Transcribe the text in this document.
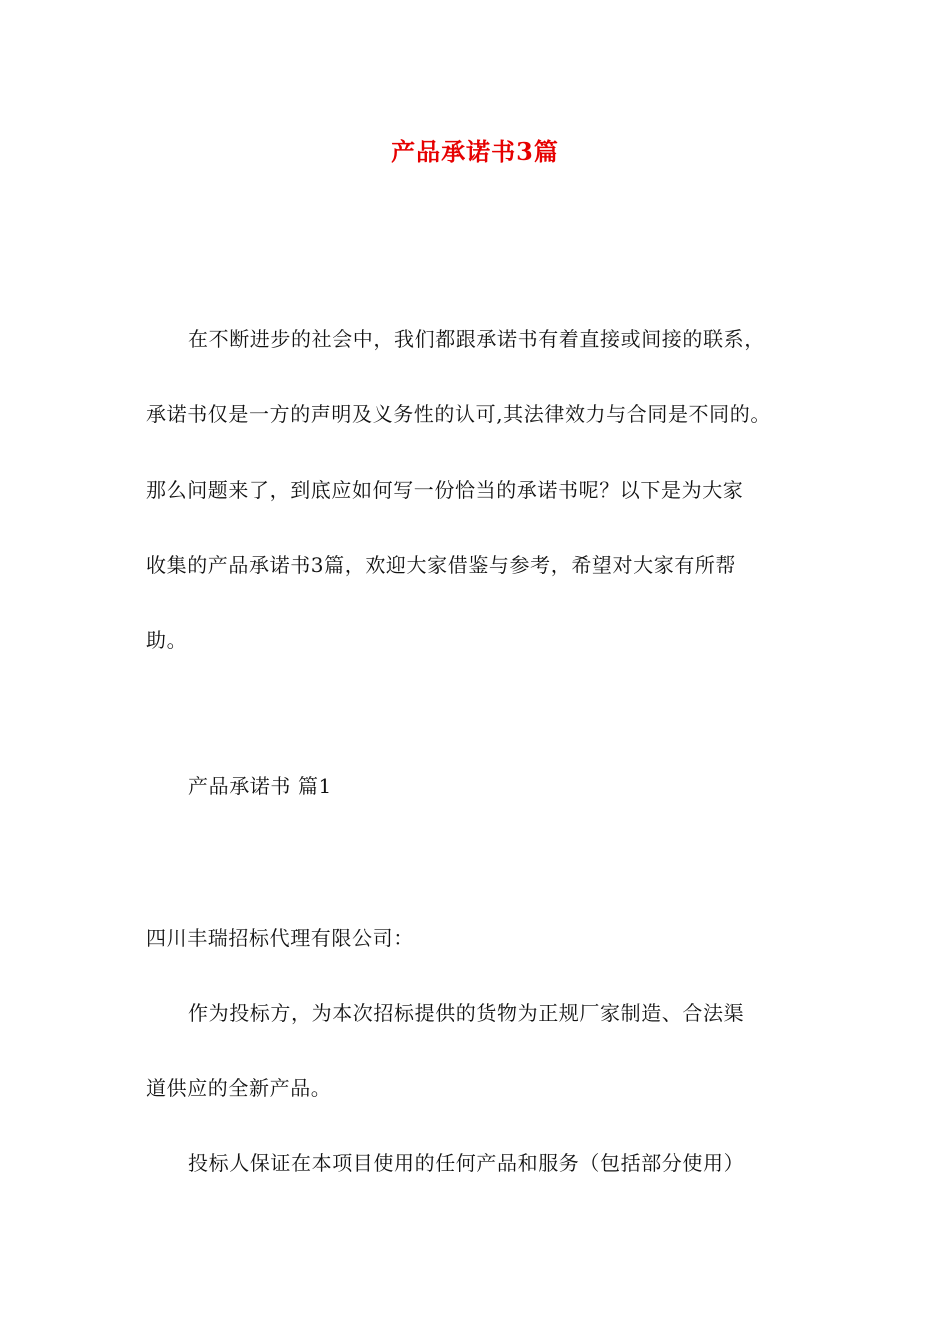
产品承诺书3篇

在不断进步的社会中，我们都跟承诺书有着直接或间接的联系，

承诺书仅是一方的声明及义务性的认可,其法律效力与合同是不同的。

那么问题来了，到底应如何写一份恰当的承诺书呢？以下是为大家

收集的产品承诺书3篇，欢迎大家借鉴与参考，希望对大家有所帮

助。

产品承诺书 篇1

四川丰瑞招标代理有限公司：

作为投标方，为本次招标提供的货物为正规厂家制造、合法渠

道供应的全新产品。

投标人保证在本项目使用的任何产品和服务（包括部分使用）
